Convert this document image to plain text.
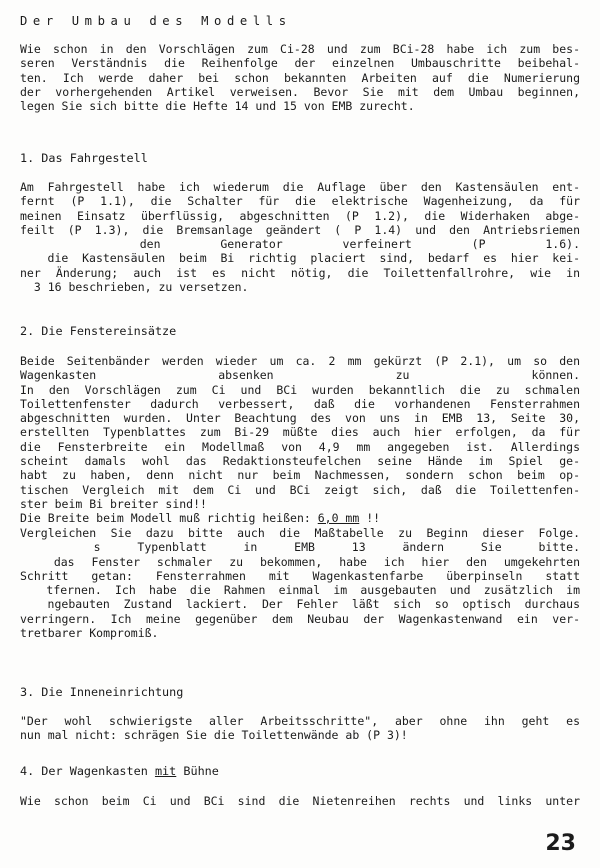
Der Umbau des Modells
Wie schon in den Vorschlägen zum Ci-28 und zum BCi-28 habe ich zum bes-
seren Verständnis die Reihenfolge der einzelnen Umbauschritte beibehal-
ten. Ich werde daher bei schon bekannten Arbeiten auf die Numerierung
der vorhergehenden Artikel verweisen. Bevor Sie mit dem Umbau beginnen,
legen Sie sich bitte die Hefte 14 und 15 von EMB zurecht.
1. Das Fahrgestell
Am Fahrgestell habe ich wiederum die Auflage über den Kastensäulen ent-
fernt (P 1.1), die Schalter für die elektrische Wagenheizung, da für
meinen Einsatz überflüssig, abgeschnitten (P 1.2), die Widerhaken abge-
feilt (P 1.3), die Bremsanlage geändert ( P 1.4) und den Antriebsriemen
den Generator verfeinert (P 1.6).
die Kastensäulen beim Bi richtig placiert sind, bedarf es hier kei-
ner Änderung; auch ist es nicht nötig, die Toilettenfallrohre, wie in
3 16 beschrieben, zu versetzen.
2. Die Fenstereinsätze
Beide Seitenbänder werden wieder um ca. 2 mm gekürzt (P 2.1), um so den
Wagenkasten absenken zu können.
In den Vorschlägen zum Ci und BCi wurden bekanntlich die zu schmalen
Toilettenfenster dadurch verbessert, daß die vorhandenen Fensterrahmen
abgeschnitten wurden. Unter Beachtung des von uns in EMB 13, Seite 30,
erstellten Typenblattes zum Bi-29 müßte dies auch hier erfolgen, da für
die Fensterbreite ein Modellmaß von 4,9 mm angegeben ist. Allerdings
scheint damals wohl das Redaktionsteufelchen seine Hände im Spiel ge-
habt zu haben, denn nicht nur beim Nachmessen, sondern schon beim op-
tischen Vergleich mit dem Ci und BCi zeigt sich, daß die Toilettenfen-
ster beim Bi breiter sind!!
Die Breite beim Modell muß richtig heißen: 6,0 mm !!
Vergleichen Sie dazu bitte auch die Maßtabelle zu Beginn dieser Folge.
s Typenblatt in EMB 13 ändern Sie bitte.
das Fenster schmaler zu bekommen, habe ich hier den umgekehrten
Schritt getan: Fensterrahmen mit Wagenkastenfarbe überpinseln statt
tfernen. Ich habe die Rahmen einmal im ausgebauten und zusätzlich im
ngebauten Zustand lackiert. Der Fehler läßt sich so optisch durchaus
verringern. Ich meine gegenüber dem Neubau der Wagenkastenwand ein ver-
tretbarer Kompromiß.
3. Die Inneneinrichtung
"Der wohl schwierigste aller Arbeitsschritte", aber ohne ihn geht es
nun mal nicht: schrägen Sie die Toilettenwände ab (P 3)!
4. Der Wagenkasten mit Bühne
Wie schon beim Ci und BCi sind die Nietenreihen rechts und links unter
23
